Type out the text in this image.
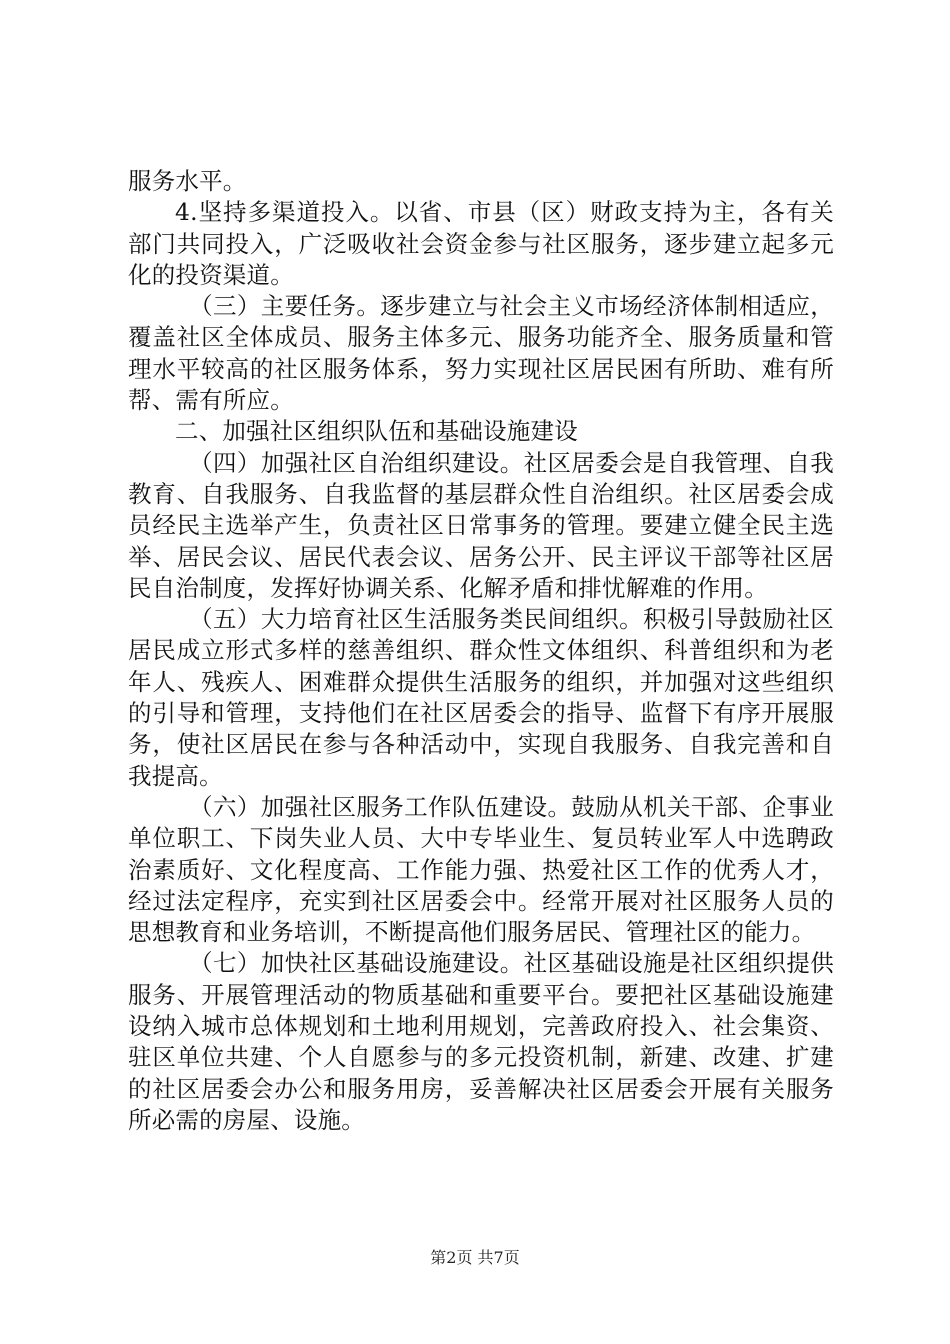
服务水平。

4.坚持多渠道投入。以省、市县（区）财政支持为主，各有关部门共同投入，广泛吸收社会资金参与社区服务，逐步建立起多元化的投资渠道。

（三）主要任务。逐步建立与社会主义市场经济体制相适应，覆盖社区全体成员、服务主体多元、服务功能齐全、服务质量和管理水平较高的社区服务体系，努力实现社区居民困有所助、难有所帮、需有所应。

二、加强社区组织队伍和基础设施建设

（四）加强社区自治组织建设。社区居委会是自我管理、自我教育、自我服务、自我监督的基层群众性自治组织。社区居委会成员经民主选举产生，负责社区日常事务的管理。要建立健全民主选举、居民会议、居民代表会议、居务公开、民主评议干部等社区居民自治制度，发挥好协调关系、化解矛盾和排忧解难的作用。

（五）大力培育社区生活服务类民间组织。积极引导鼓励社区居民成立形式多样的慈善组织、群众性文体组织、科普组织和为老年人、残疾人、困难群众提供生活服务的组织，并加强对这些组织的引导和管理，支持他们在社区居委会的指导、监督下有序开展服务，使社区居民在参与各种活动中，实现自我服务、自我完善和自我提高。

（六）加强社区服务工作队伍建设。鼓励从机关干部、企事业单位职工、下岗失业人员、大中专毕业生、复员转业军人中选聘政治素质好、文化程度高、工作能力强、热爱社区工作的优秀人才，经过法定程序，充实到社区居委会中。经常开展对社区服务人员的思想教育和业务培训，不断提高他们服务居民、管理社区的能力。

（七）加快社区基础设施建设。社区基础设施是社区组织提供服务、开展管理活动的物质基础和重要平台。要把社区基础设施建设纳入城市总体规划和土地利用规划，完善政府投入、社会集资、驻区单位共建、个人自愿参与的多元投资机制，新建、改建、扩建的社区居委会办公和服务用房，妥善解决社区居委会开展有关服务所必需的房屋、设施。

第2页 共7页
